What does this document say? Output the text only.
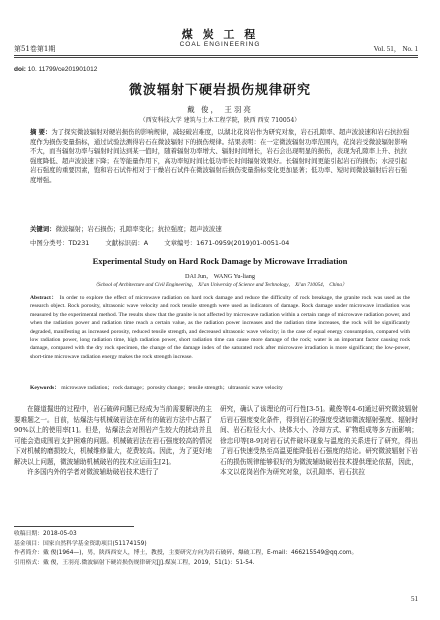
煤 炭 工 程
第51卷第1期
COAL ENGINEERING
Vol. 51， No. 1
doi: 10. 11799/ce201901012
微波辐射下硬岩损伤规律研究
戴 俊， 王羽亮
（西安科技大学 建筑与土木工程学院，陕西 西安 710054）
摘 要：为了探究微波辐射对硬岩损伤的影响规律，减轻破岩难度，以湖北花岗岩作为研究对象，岩石孔隙率、超声波波速和岩石抗拉强度作为损伤变量指标，通过试验法测得岩石在微波辐射下的损伤规律。结果表明：在一定微波辐射功率范围内，花岗岩受微波辐射影响不大，而当辐射功率与辐射时间达到某一值时，随着辐射功率增大、辐射时间增长，岩石会出现明显的损伤，表现为孔隙率上升、抗拉强度降低、超声波波速下降；在等能量作用下，高功率短时间比低功率长时间辐射效果好。长辐射时间更能引起岩石的损伤；水浸引起岩石强度的重要因素，饱和岩石试件相对于干燥岩石试件在微波辐射后损伤变量指标变化更加显著；低功率、短时间微波辐射后岩石强度增强。
关键词：微波辐射；岩石损伤；孔隙率变化；抗拉强度；超声波波速
中图分类号：TD231	文献标识码：A	文章编号：1671-0959(2019)01-0051-04
Experimental Study on Hard Rock Damage by Microwave Irradiation
DAI Jun， WANG Yu-liang
（School of Architecture and Civil Engineering， Xi'an University of Science and Technology， Xi'an 710054， China）
Abstract： In order to explore the effect of microwave radiation on hard rock damage and reduce the difficulty of rock breakage, the granite rock was used as the research object. Rock porosity, ultrasonic wave velocity and rock tensile strength were used as indicators of damage. Rock damage under microwave irradiation was measured by the experimental method. The results show that the granite is not affected by microwave radiation within a certain range of microwave radiation power, and when the radiation power and radiation time reach a certain value, as the radiation power increases and the radiation time increases, the rock will be significantly degraded, manifesting as increased porosity, reduced tensile strength, and decreased ultrasonic wave velocity; in the case of equal energy consumption, compared with low radiation power, long radiation time, high radiation power, short radiation time can cause more damage of the rock; water is an important factor causing rock damage, compared with the dry rock specimen, the change of the damage index of the saturated rock after microwave irradiation is more significant; the low-power, short-time microwave radiation energy makes the rock strength increase.
Keywords： microwave radiation；rock damage；porosity change；tensile strength；ultrasonic wave velocity

在隧道掘进的过程中，岩石破碎问题已经成为当前需要解决的主要难题之一。目前，钻爆法与机械破岩法在所有的破岩方法中占据了90%以上的使用率[1]。但是，钻爆法会对围岩产生较大的扰动并且可能会造成围岩支护困难的问题。机械破岩法在岩石强度较高的情况下对机械的磨损较大，机械维修量大，花费较高。因此，为了更好地解决以上问题，微波辅助机械破岩的技术应运而生[2]。

许多国内外的学者对微波辅助破岩技术进行了

研究，确认了该理论的可行性[3-5]。戴俊等[4-6]通过研究微波辐射后岩石强度变化条件，得到岩石的强度受诸如微波辐射强度、辐射时间、岩石粒径大小、块体大小、冷却方式、矿物组成等多方面影响；徐忠印等[8-9]对岩石试件破坏现象与温度的关系进行了研究，得出了岩石快速受热至高温更能降低岩石强度的结论。研究微波辐射下岩石的损伤规律能够很好的为微波辅助破岩技术提供理论依据，因此，本文以花岗岩作为研究对象，以孔隙率、岩石抗拉

收稿日期：2018-05-03
基金项目：国家自然科学基金资助项目(51174159)
作者简介：戴 俊(1964—)，男，陕西西安人，博士，教授，主要研究方向为岩石破碎、爆破工程，E-mail：466215549@qq.com。
引用格式：戴 俊，王羽亮.微波辐射下硬岩损伤规律研究[J].煤炭工程，2019，51(1)：51-54.
51
